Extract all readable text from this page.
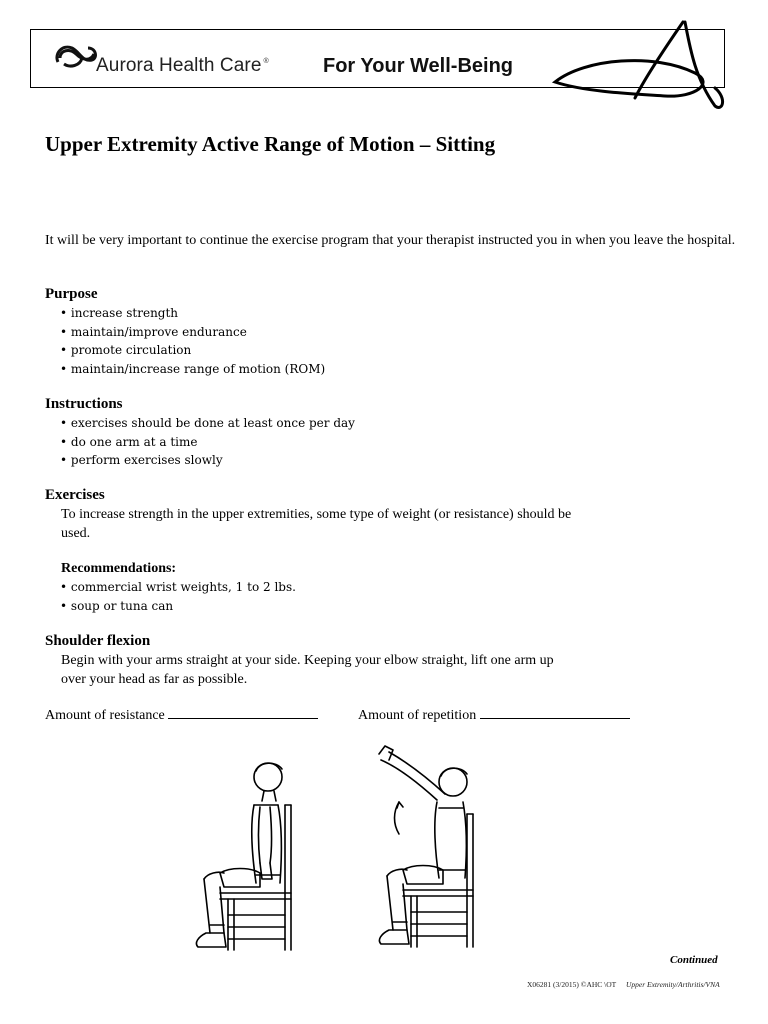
Aurora Health Care ®	For Your Well-Being
Upper Extremity Active Range of Motion – Sitting
It will be very important to continue the exercise program that your therapist instructed you in when you leave the hospital.
Purpose
• increase strength
• maintain/improve endurance
• promote circulation
• maintain/increase range of motion (ROM)
Instructions
• exercises should be done at least once per day
• do one arm at a time
• perform exercises slowly
Exercises
To increase strength in the upper extremities, some type of weight (or resistance) should be used.
Recommendations:
• commercial wrist weights, 1 to 2 lbs.
• soup or tuna can
Shoulder flexion
Begin with your arms straight at your side. Keeping your elbow straight, lift one arm up over your head as far as possible.
Amount of resistance	Amount of repetition
Continued
X06281 (3/2015) ©AHC \OT Upper Extremity/Arthritis/VNA
